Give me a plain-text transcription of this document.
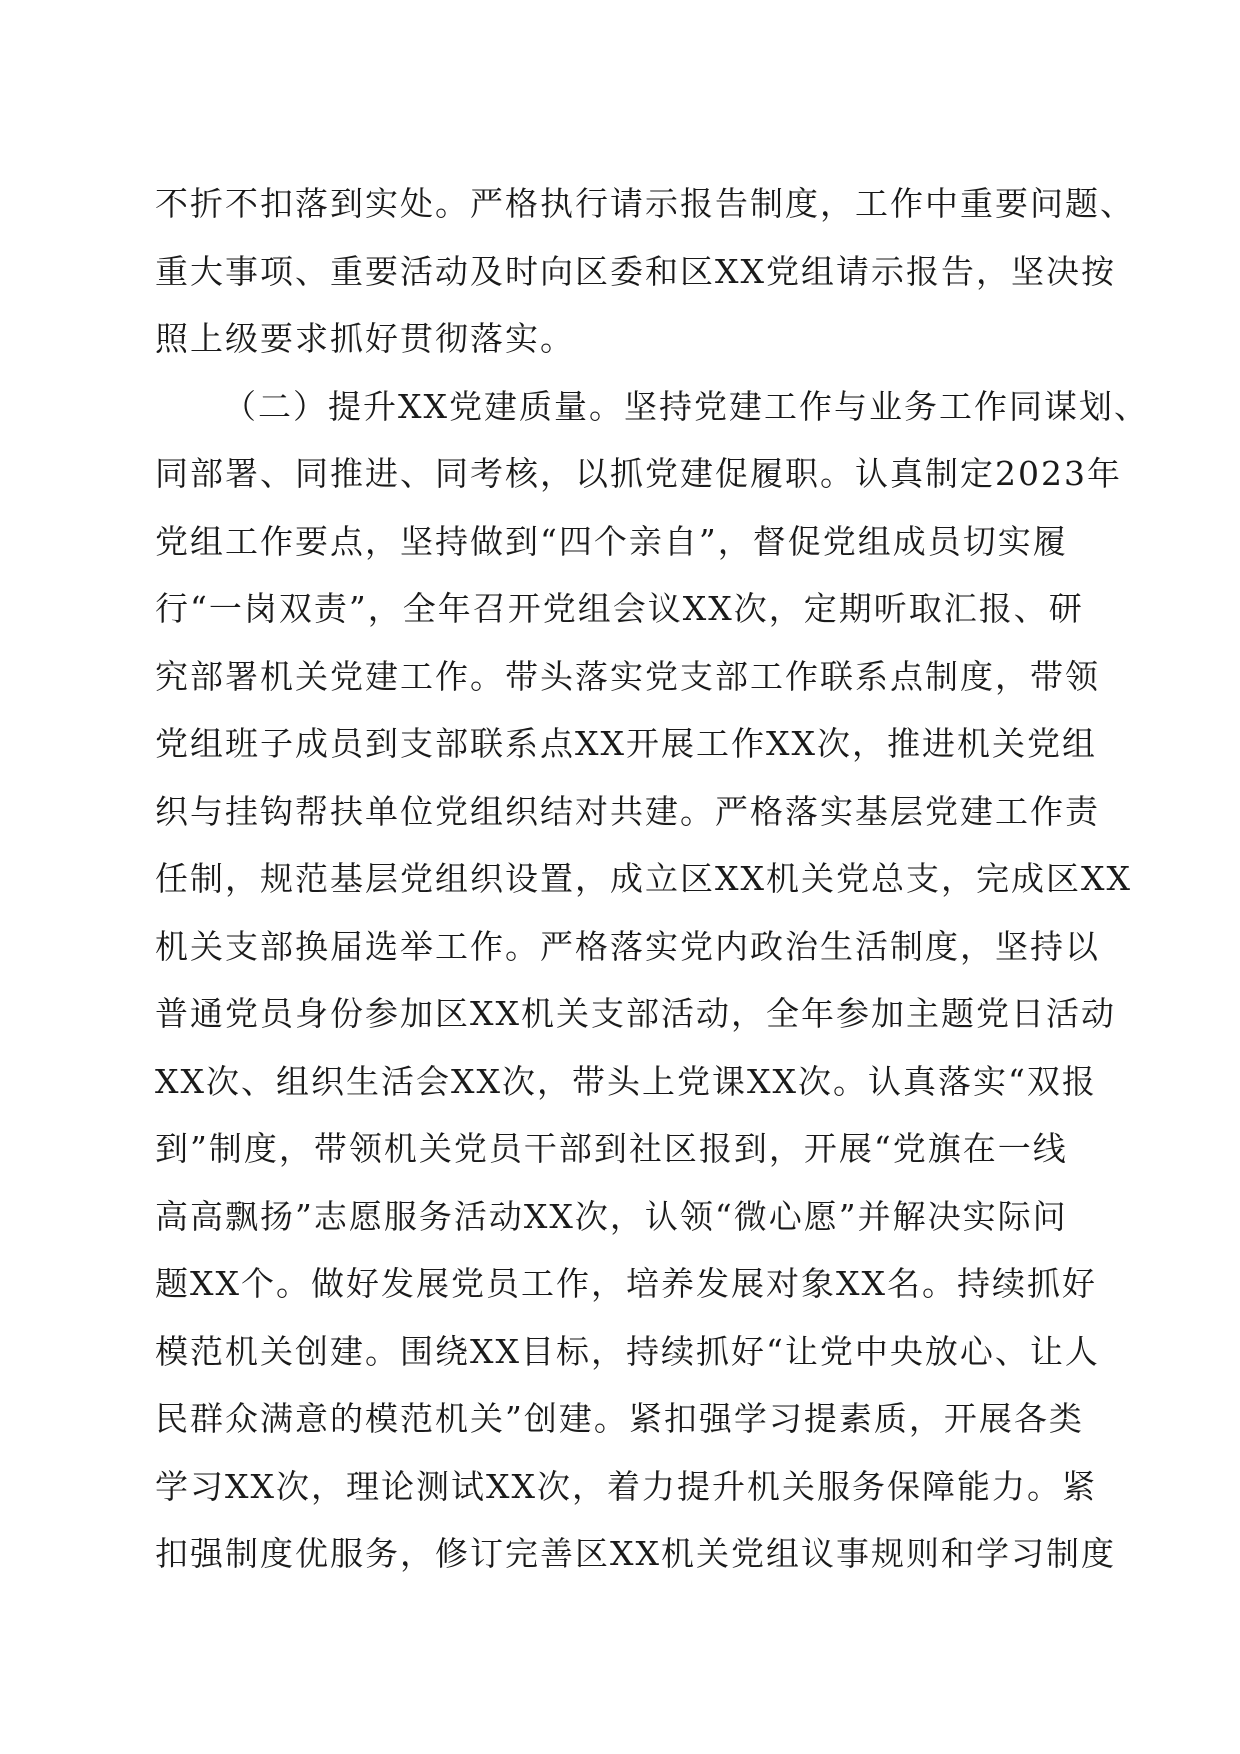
不折不扣落到实处。严格执行请示报告制度，工作中重要问题、
重大事项、重要活动及时向区委和区XX党组请示报告，坚决按
照上级要求抓好贯彻落实。
（二）提升XX党建质量。坚持党建工作与业务工作同谋划、
同部署、同推进、同考核，以抓党建促履职。认真制定2023年
党组工作要点，坚持做到“四个亲自”，督促党组成员切实履
行“一岗双责”，全年召开党组会议XX次，定期听取汇报、研
究部署机关党建工作。带头落实党支部工作联系点制度，带领
党组班子成员到支部联系点XX开展工作XX次，推进机关党组
织与挂钩帮扶单位党组织结对共建。严格落实基层党建工作责
任制，规范基层党组织设置，成立区XX机关党总支，完成区XX
机关支部换届选举工作。严格落实党内政治生活制度，坚持以
普通党员身份参加区XX机关支部活动，全年参加主题党日活动
XX次、组织生活会XX次，带头上党课XX次。认真落实“双报
到”制度，带领机关党员干部到社区报到，开展“党旗在一线
高高飘扬”志愿服务活动XX次，认领“微心愿”并解决实际问
题XX个。做好发展党员工作，培养发展对象XX名。持续抓好
模范机关创建。围绕XX目标，持续抓好“让党中央放心、让人
民群众满意的模范机关”创建。紧扣强学习提素质，开展各类
学习XX次，理论测试XX次，着力提升机关服务保障能力。紧
扣强制度优服务，修订完善区XX机关党组议事规则和学习制度
